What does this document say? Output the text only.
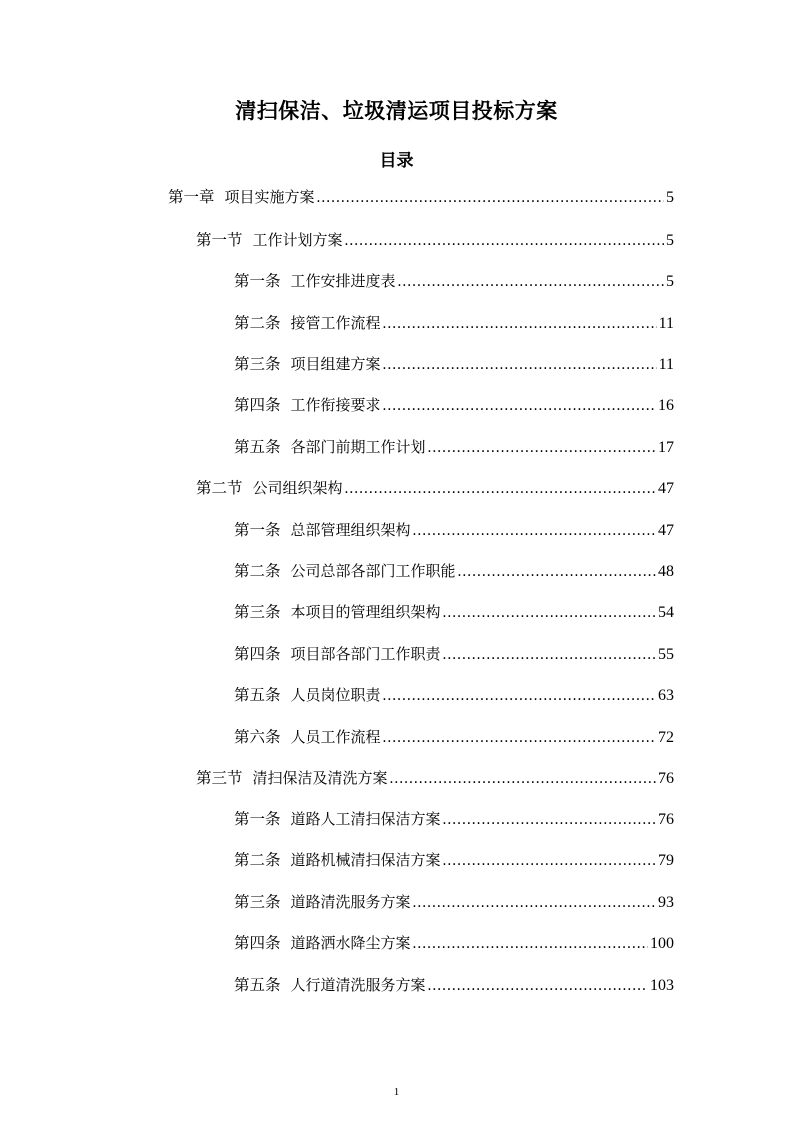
清扫保洁、垃圾清运项目投标方案
目录
第一章 项目实施方案 .....	5
第一节 工作计划方案 .....	5
第一条 工作安排进度表 .....	5
第二条 接管工作流程 .....	11
第三条 项目组建方案 .....	11
第四条 工作衔接要求 .....	16
第五条 各部门前期工作计划 .....	17
第二节 公司组织架构 .....	47
第一条 总部管理组织架构 .....	47
第二条 公司总部各部门工作职能 .....	48
第三条 本项目的管理组织架构 .....	54
第四条 项目部各部门工作职责 .....	55
第五条 人员岗位职责 .....	63
第六条 人员工作流程 .....	72
第三节 清扫保洁及清洗方案 .....	76
第一条 道路人工清扫保洁方案 .....	76
第二条 道路机械清扫保洁方案 .....	79
第三条 道路清洗服务方案 .....	93
第四条 道路洒水降尘方案 .....	100
第五条 人行道清洗服务方案 .....	103
1
